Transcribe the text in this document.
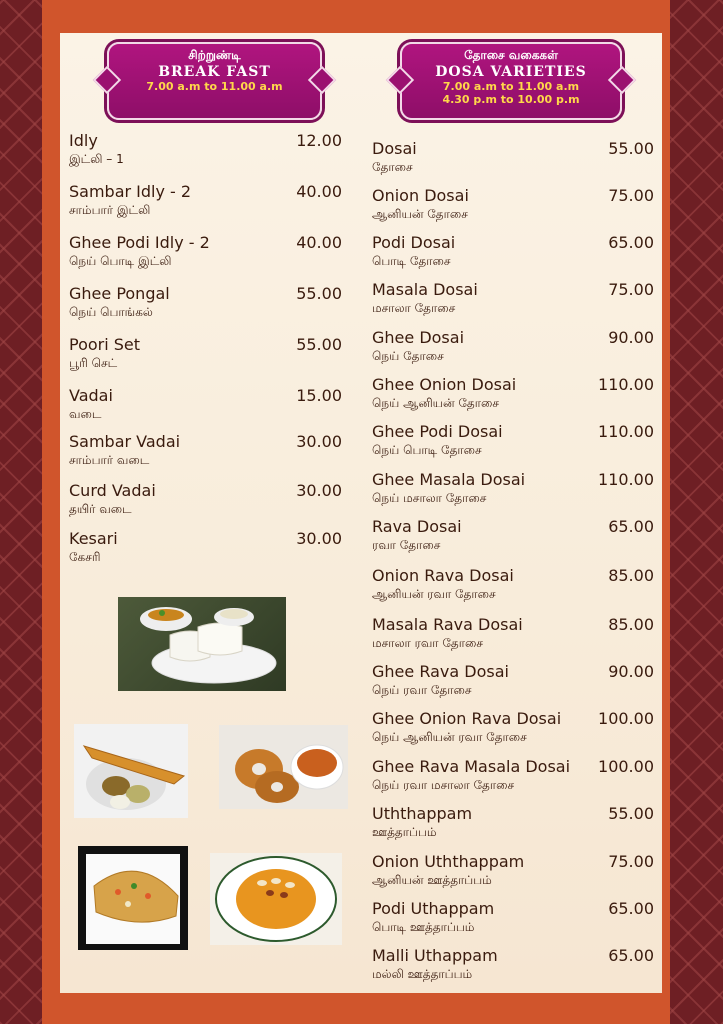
சிற்றுண்டி
BREAK FAST
7.00 a.m to 11.00 a.m
தோசை வகைகள்
DOSA VARIETIES
7.00 a.m to 11.00 a.m
4.30 p.m to 10.00 p.m
Idly
இட்லி – 1
12.00
Sambar Idly - 2
சாம்பார் இட்லி
40.00
Ghee Podi Idly - 2
நெய் பொடி இட்லி
40.00
Ghee Pongal
நெய் பொங்கல்
55.00
Poori Set
பூரி செட்
55.00
Vadai
வடை
15.00
Sambar Vadai
சாம்பார் வடை
30.00
Curd Vadai
தயிர் வடை
30.00
Kesari
கேசரி
30.00
Dosai
தோசை
55.00
Onion Dosai
ஆனியன் தோசை
75.00
Podi Dosai
பொடி தோசை
65.00
Masala Dosai
மசாலா தோசை
75.00
Ghee Dosai
நெய் தோசை
90.00
Ghee Onion Dosai
நெய் ஆனியன் தோசை
110.00
Ghee Podi Dosai
நெய் பொடி தோசை
110.00
Ghee Masala Dosai
நெய் மசாலா தோசை
110.00
Rava Dosai
ரவா தோசை
65.00
Onion Rava Dosai
ஆனியன் ரவா தோசை
85.00
Masala Rava Dosai
மசாலா ரவா தோசை
85.00
Ghee Rava Dosai
நெய் ரவா தோசை
90.00
Ghee Onion Rava Dosai
நெய் ஆனியன் ரவா தோசை
100.00
Ghee Rava Masala Dosai
நெய் ரவா மசாலா தோசை
100.00
Uththappam
ஊத்தாப்பம்
55.00
Onion Uththappam
ஆனியன் ஊத்தாப்பம்
75.00
Podi Uthappam
பொடி ஊத்தாப்பம்
65.00
Malli Uthappam
மல்லி ஊத்தாப்பம்
65.00
